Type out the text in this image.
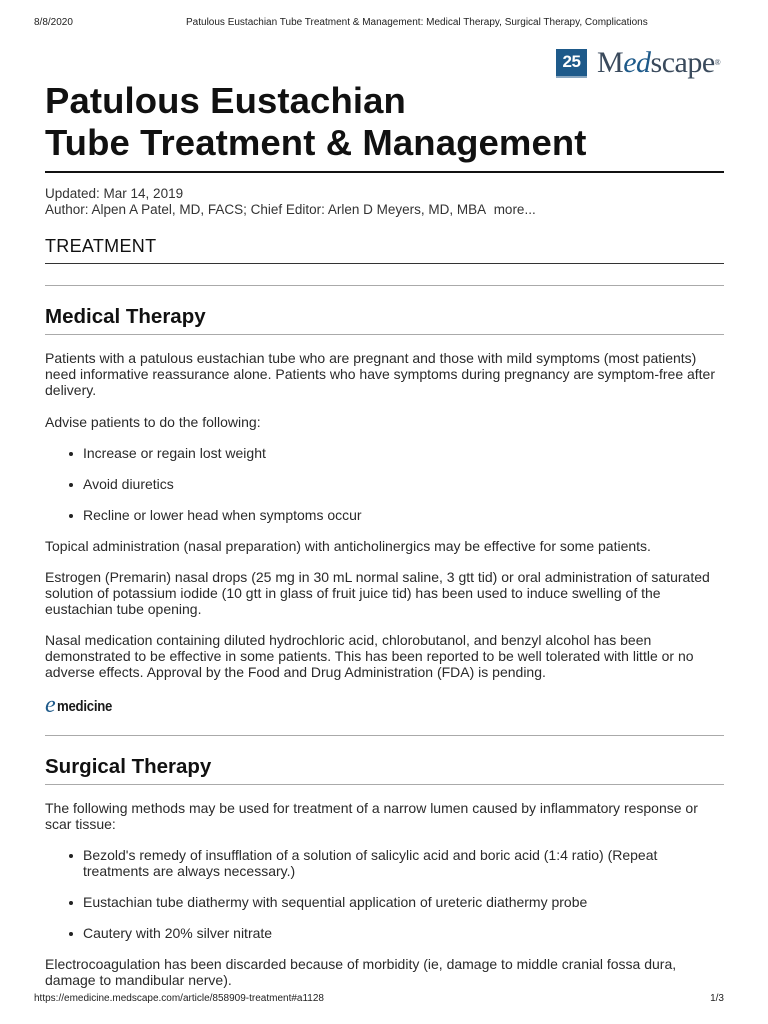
8/8/2020	Patulous Eustachian Tube Treatment & Management: Medical Therapy, Surgical Therapy, Complications
25 Medscape®
Patulous Eustachian
Tube Treatment & Management
Updated: Mar 14, 2019
Author: Alpen A Patel, MD, FACS; Chief Editor: Arlen D Meyers, MD, MBA more...
TREATMENT
Medical Therapy

Patients with a patulous eustachian tube who are pregnant and those with mild symptoms (most patients) need informative reassurance alone. Patients who have symptoms during pregnancy are symptom-free after delivery.

Advise patients to do the following:

Increase or regain lost weight
Avoid diuretics
Recline or lower head when symptoms occur

Topical administration (nasal preparation) with anticholinergics may be effective for some patients.

Estrogen (Premarin) nasal drops (25 mg in 30 mL normal saline, 3 gtt tid) or oral administration of saturated solution of potassium iodide (10 gtt in glass of fruit juice tid) has been used to induce swelling of the eustachian tube opening.

Nasal medication containing diluted hydrochloric acid, chlorobutanol, and benzyl alcohol has been demonstrated to be effective in some patients. This has been reported to be well tolerated with little or no adverse effects. Approval by the Food and Drug Administration (FDA) is pending.

e medicine
Surgical Therapy

The following methods may be used for treatment of a narrow lumen caused by inflammatory response or scar tissue:

Bezold's remedy of insufflation of a solution of salicylic acid and boric acid (1:4 ratio) (Repeat treatments are always necessary.)
Eustachian tube diathermy with sequential application of ureteric diathermy probe
Cautery with 20% silver nitrate

Electrocoagulation has been discarded because of morbidity (ie, damage to middle cranial fossa dura, damage to mandibular nerve).

https://emedicine.medscape.com/article/858909-treatment#a1128	1/3
